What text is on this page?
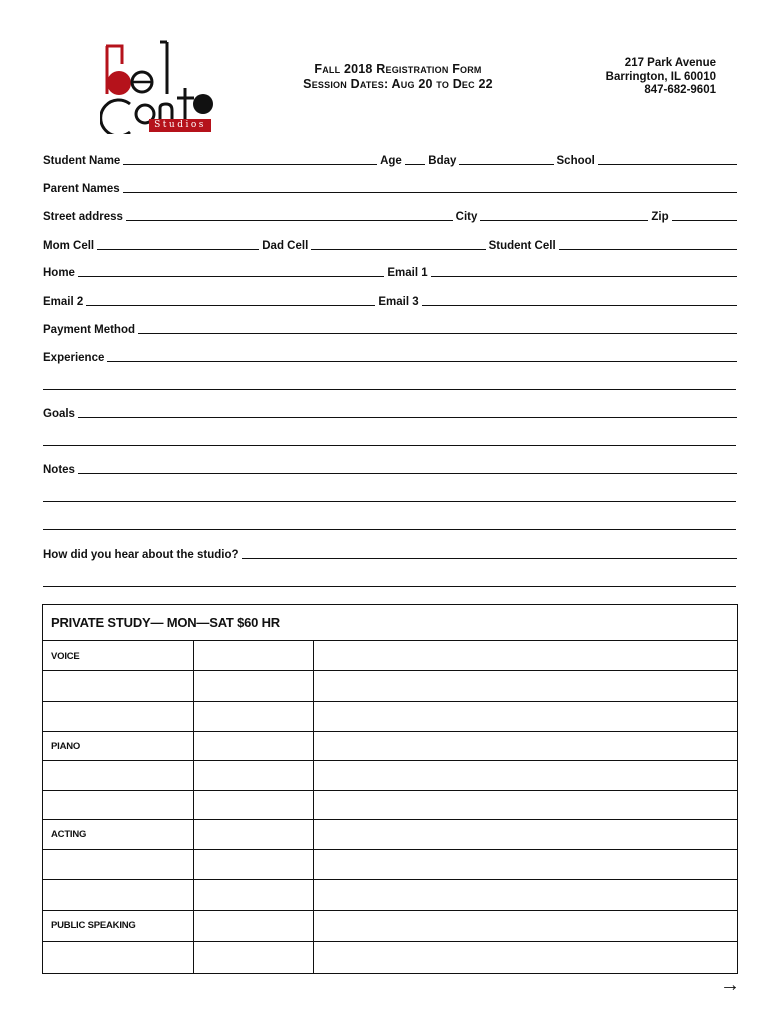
Studios
Fall 2018 Registration Form
Session Dates: Aug 20 to Dec 22
217 Park Avenue
Barrington, IL 60010
847-682-9601
Student Name	Age Bday	School
Parent Names
Street address	City	Zip
Mom Cell	Dad Cell	Student Cell
Home	Email 1
Email 2	Email 3
Payment Method
Experience
Goals
Notes
How did you hear about the studio?
PRIVATE STUDY— MON—SAT $60 HR
VOICE
PIANO
ACTING
PUBLIC SPEAKING
→
